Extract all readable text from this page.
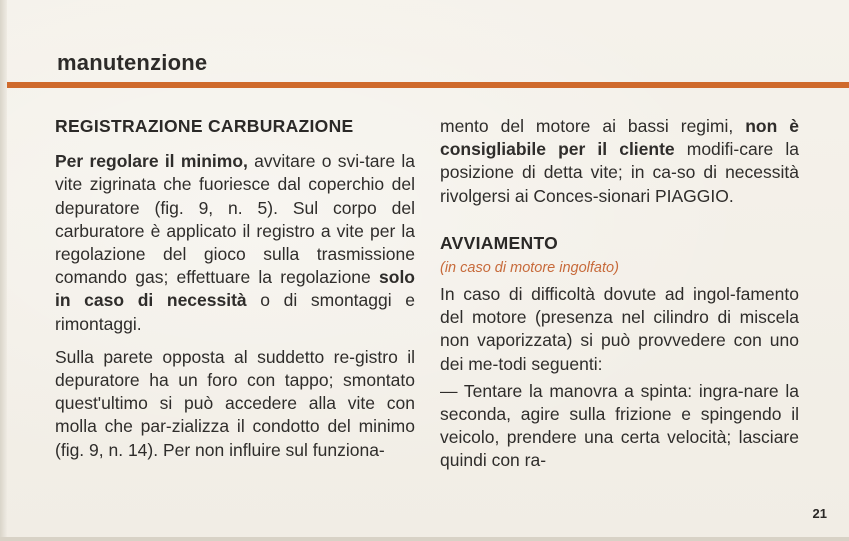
manutenzione
REGISTRAZIONE CARBURAZIONE

Per regolare il minimo, avvitare o svi-tare la vite zigrinata che fuoriesce dal coperchio del depuratore (fig. 9, n. 5). Sul corpo del carburatore è applicato il registro a vite per la regolazione del gioco sulla trasmissione comando gas; effettuare la regolazione solo in caso di necessità o di smontaggi e rimontaggi.

Sulla parete opposta al suddetto re-gistro il depuratore ha un foro con tappo; smontato quest'ultimo si può accedere alla vite con molla che par-zializza il condotto del minimo (fig. 9, n. 14). Per non influire sul funziona-

mento del motore ai bassi regimi, non è consigliabile per il cliente modifi-care la posizione di detta vite; in ca-so di necessità rivolgersi ai Conces-sionari PIAGGIO.

AVVIAMENTO
(in caso di motore ingolfato)

In caso di difficoltà dovute ad ingol-famento del motore (presenza nel cilindro di miscela non vaporizzata) si può provvedere con uno dei me-todi seguenti:

— Tentare la manovra a spinta: ingra-nare la seconda, agire sulla frizione e spingendo il veicolo, prendere una certa velocità; lasciare quindi con ra-

21
